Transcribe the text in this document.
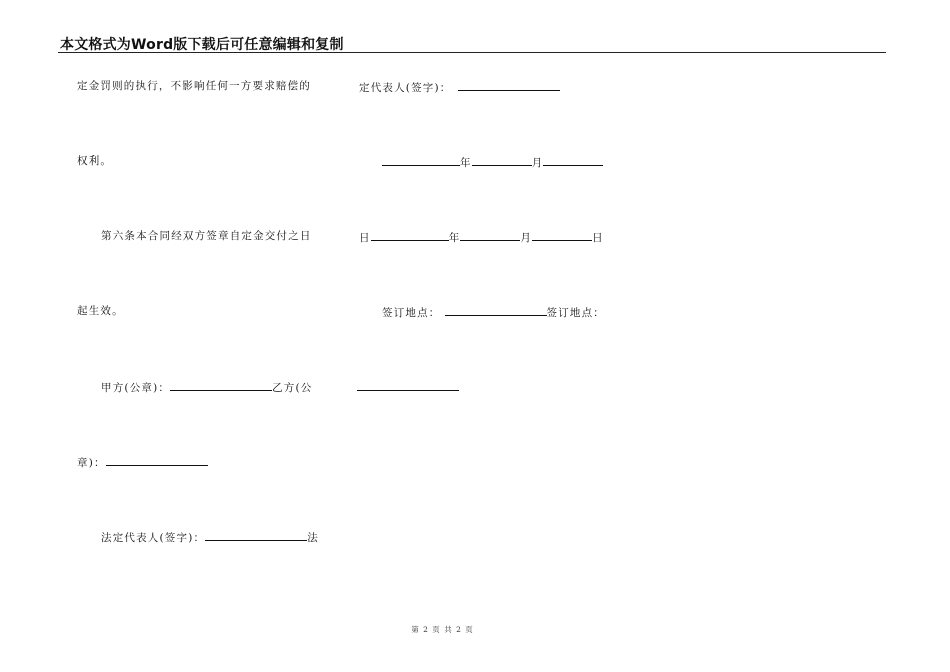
本文格式为Word版下载后可任意编辑和复制
定金罚则的执行，不影响任何一方要求赔偿的
权利。
第六条本合同经双方签章自定金交付之日
起生效。
甲方(公章)：	乙方(公
章)：
法定代表人(签字)：	法
定代表人(签字)：
年	月
日	年	月	日
签订地点：	签订地点：
第 2 页 共 2 页
